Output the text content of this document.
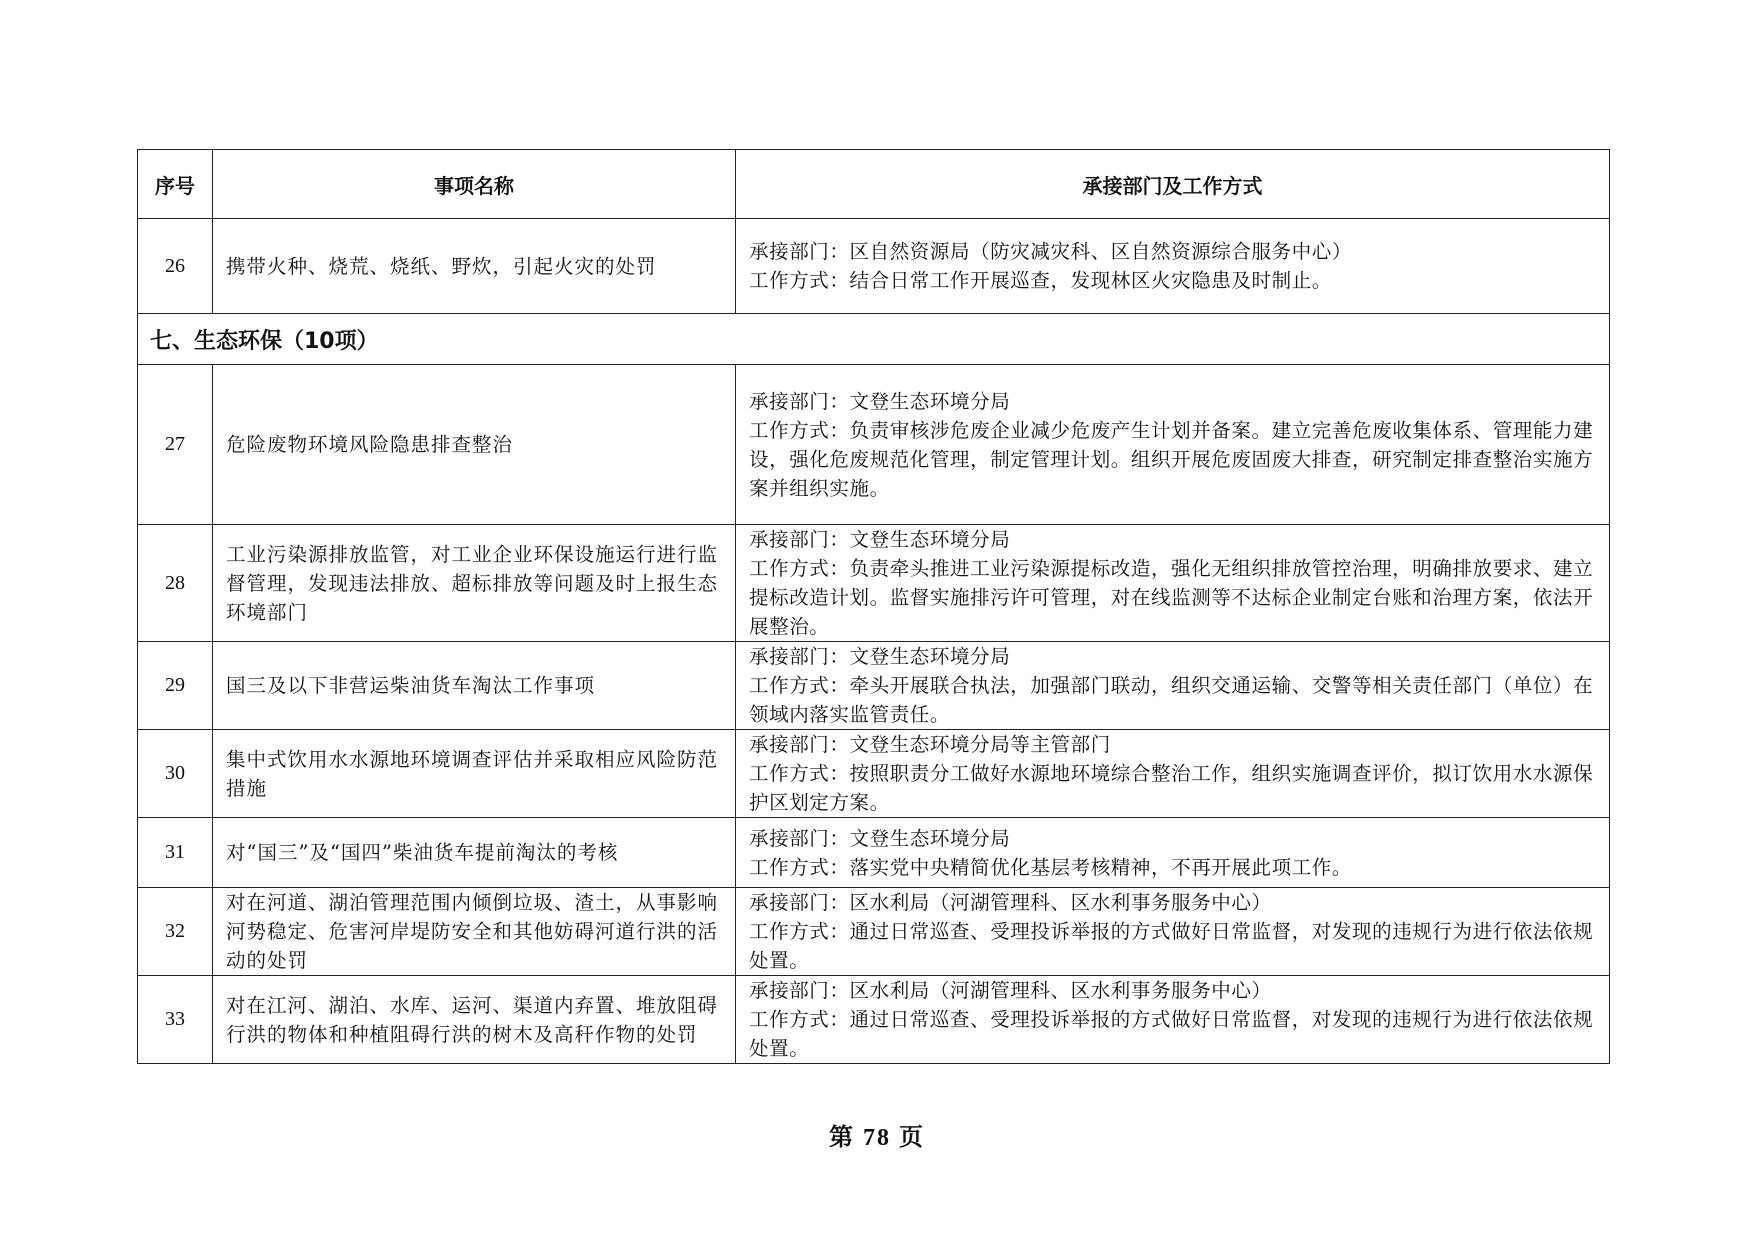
序号	事项名称	承接部门及工作方式
26	携带火种、烧荒、烧纸、野炊，引起火灾的处罚	承接部门：区自然资源局（防灾减灾科、区自然资源综合服务中心）
工作方式：结合日常工作开展巡查，发现林区火灾隐患及时制止。

七、生态环保（10项）		
27	危险废物环境风险隐患排查整治	承接部门：文登生态环境分局
工作方式：负责审核涉危废企业减少危废产生计划并备案。建立完善危废收集体系、管理能力建设，强化危废规范化管理，制定管理计划。组织开展危废固废大排查，研究制定排查整治实施方案并组织实施。

28	工业污染源排放监管，对工业企业环保设施运行进行监督管理，发现违法排放、超标排放等问题及时上报生态环境部门	承接部门：文登生态环境分局
工作方式：负责牵头推进工业污染源提标改造，强化无组织排放管控治理，明确排放要求、建立提标改造计划。监督实施排污许可管理，对在线监测等不达标企业制定台账和治理方案，依法开展整治。

29	国三及以下非营运柴油货车淘汰工作事项	承接部门：文登生态环境分局
工作方式：牵头开展联合执法，加强部门联动，组织交通运输、交警等相关责任部门（单位）在领域内落实监管责任。

30	集中式饮用水水源地环境调查评估并采取相应风险防范措施	承接部门：文登生态环境分局等主管部门
工作方式：按照职责分工做好水源地环境综合整治工作，组织实施调查评价，拟订饮用水水源保护区划定方案。

31	对“国三”及“国四”柴油货车提前淘汰的考核	承接部门：文登生态环境分局
工作方式：落实党中央精简优化基层考核精神，不再开展此项工作。

32	对在河道、湖泊管理范围内倾倒垃圾、渣土，从事影响河势稳定、危害河岸堤防安全和其他妨碍河道行洪的活动的处罚	承接部门：区水利局（河湖管理科、区水利事务服务中心）
工作方式：通过日常巡查、受理投诉举报的方式做好日常监督，对发现的违规行为进行依法依规处置。

33	对在江河、湖泊、水库、运河、渠道内弃置、堆放阻碍行洪的物体和种植阻碍行洪的树木及高秆作物的处罚	承接部门：区水利局（河湖管理科、区水利事务服务中心）
工作方式：通过日常巡查、受理投诉举报的方式做好日常监督，对发现的违规行为进行依法依规处置。
第 78 页
